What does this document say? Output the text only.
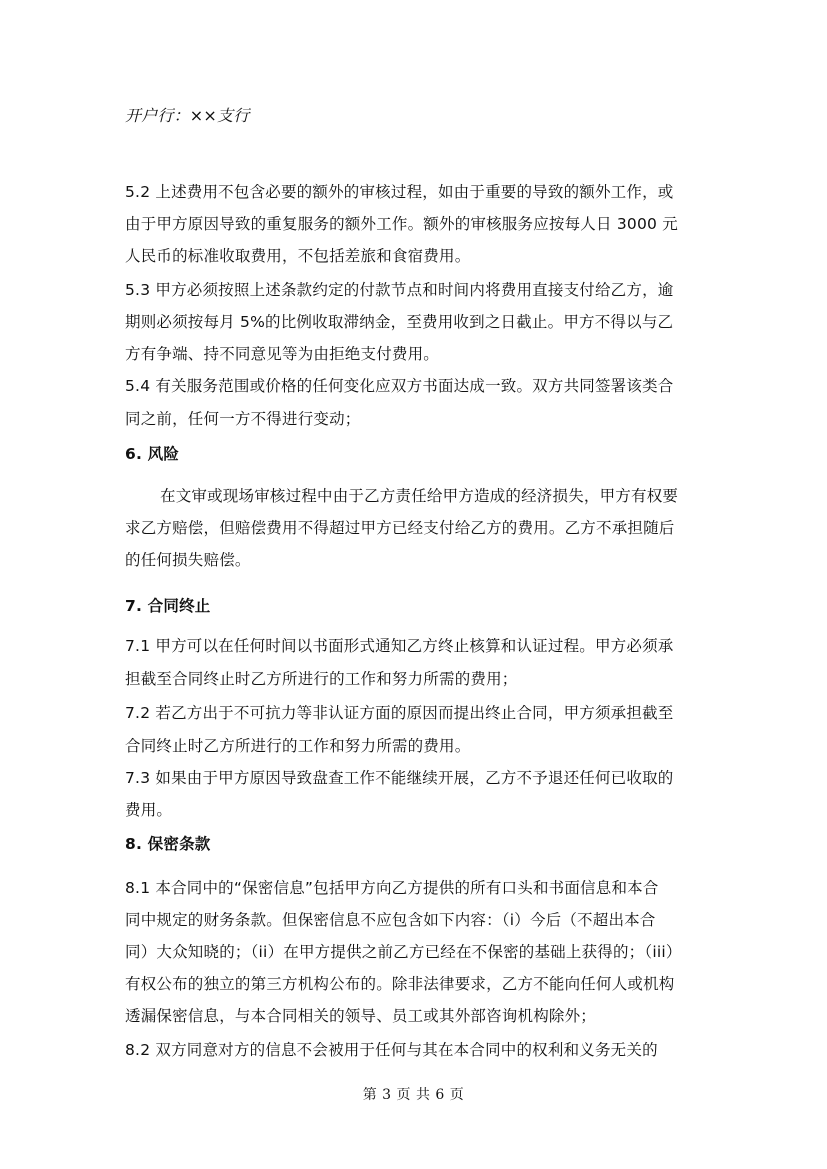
开户行：××支行
5.2 上述费用不包含必要的额外的审核过程，如由于重要的导致的额外工作，或
由于甲方原因导致的重复服务的额外工作。额外的审核服务应按每人日 3000 元
人民币的标准收取费用，不包括差旅和食宿费用。
5.3 甲方必须按照上述条款约定的付款节点和时间内将费用直接支付给乙方，逾
期则必须按每月 5%的比例收取滞纳金，至费用收到之日截止。甲方不得以与乙
方有争端、持不同意见等为由拒绝支付费用。
5.4 有关服务范围或价格的任何变化应双方书面达成一致。双方共同签署该类合
同之前，任何一方不得进行变动；
6. 风险
在文审或现场审核过程中由于乙方责任给甲方造成的经济损失，甲方有权要
求乙方赔偿，但赔偿费用不得超过甲方已经支付给乙方的费用。乙方不承担随后
的任何损失赔偿。
7. 合同终止
7.1 甲方可以在任何时间以书面形式通知乙方终止核算和认证过程。甲方必须承
担截至合同终止时乙方所进行的工作和努力所需的费用；
7.2 若乙方出于不可抗力等非认证方面的原因而提出终止合同，甲方须承担截至
合同终止时乙方所进行的工作和努力所需的费用。
7.3 如果由于甲方原因导致盘查工作不能继续开展，乙方不予退还任何已收取的
费用。
8. 保密条款
8.1 本合同中的“保密信息”包括甲方向乙方提供的所有口头和书面信息和本合
同中规定的财务条款。但保密信息不应包含如下内容：（i）今后（不超出本合
同）大众知晓的；（ii）在甲方提供之前乙方已经在不保密的基础上获得的；（iii）
有权公布的独立的第三方机构公布的。除非法律要求，乙方不能向任何人或机构
透漏保密信息，与本合同相关的领导、员工或其外部咨询机构除外；
8.2 双方同意对方的信息不会被用于任何与其在本合同中的权利和义务无关的
第 3 页 共 6 页
